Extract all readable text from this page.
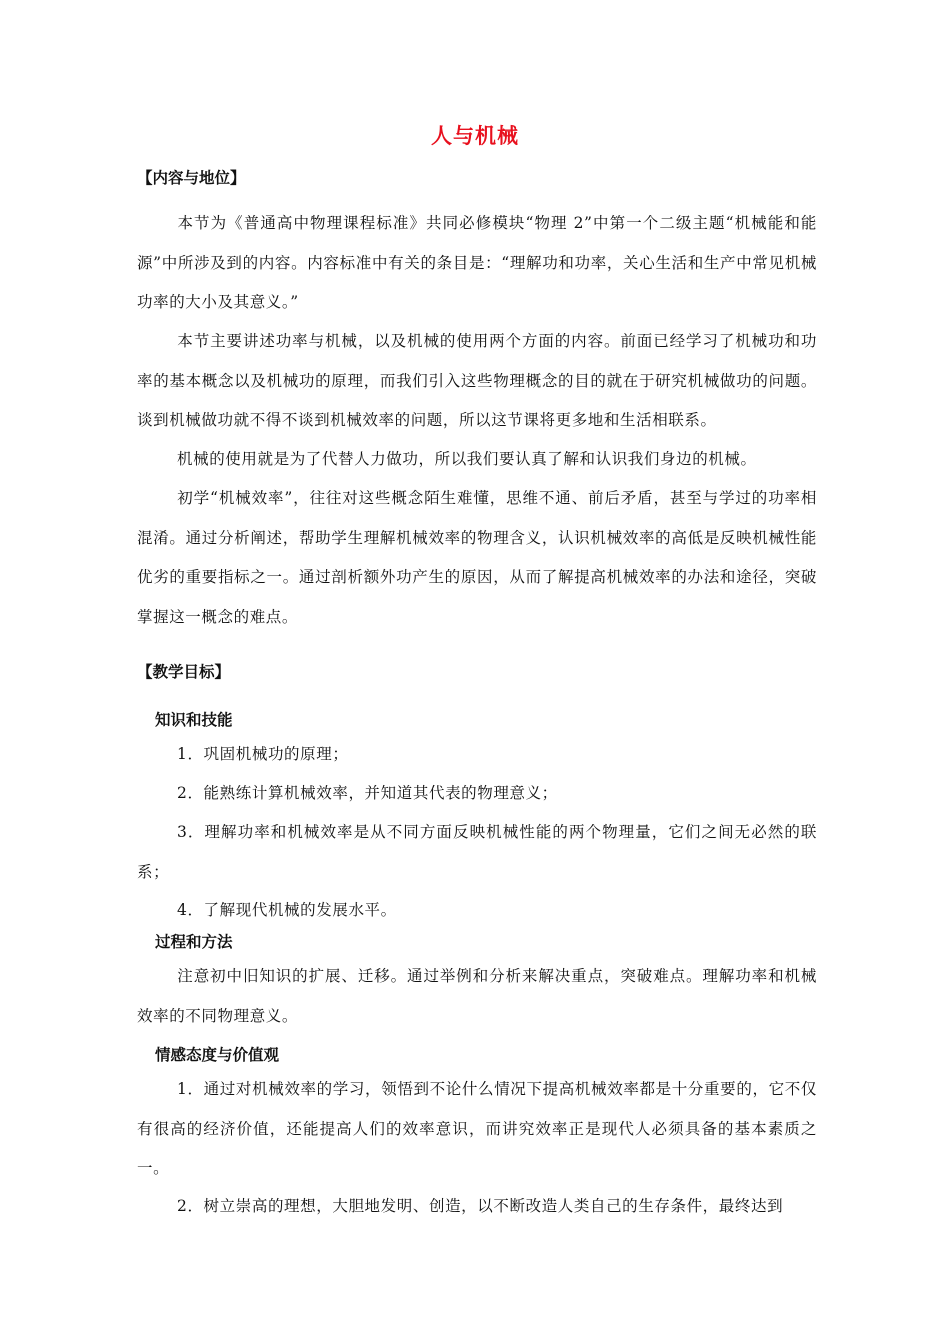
人与机械
【内容与地位】

本节为《普通高中物理课程标准》共同必修模块“物理 2”中第一个二级主题“机械能和能源”中所涉及到的内容。内容标准中有关的条目是：“理解功和功率，关心生活和生产中常见机械功率的大小及其意义。”

本节主要讲述功率与机械，以及机械的使用两个方面的内容。前面已经学习了机械功和功率的基本概念以及机械功的原理，而我们引入这些物理概念的目的就在于研究机械做功的问题。谈到机械做功就不得不谈到机械效率的问题，所以这节课将更多地和生活相联系。

机械的使用就是为了代替人力做功，所以我们要认真了解和认识我们身边的机械。

初学“机械效率”，往往对这些概念陌生难懂，思维不通、前后矛盾，甚至与学过的功率相混淆。通过分析阐述，帮助学生理解机械效率的物理含义，认识机械效率的高低是反映机械性能优劣的重要指标之一。通过剖析额外功产生的原因，从而了解提高机械效率的办法和途径，突破掌握这一概念的难点。

【教学目标】
知识和技能

1．巩固机械功的原理；

2．能熟练计算机械效率，并知道其代表的物理意义；

3．理解功率和机械效率是从不同方面反映机械性能的两个物理量，它们之间无必然的联系；

4．了解现代机械的发展水平。

过程和方法

注意初中旧知识的扩展、迁移。通过举例和分析来解决重点，突破难点。理解功率和机械效率的不同物理意义。

情感态度与价值观

1．通过对机械效率的学习，领悟到不论什么情况下提高机械效率都是十分重要的，它不仅有很高的经济价值，还能提高人们的效率意识，而讲究效率正是现代人必须具备的基本素质之一。

2．树立崇高的理想，大胆地发明、创造，以不断改造人类自己的生存条件，最终达到
